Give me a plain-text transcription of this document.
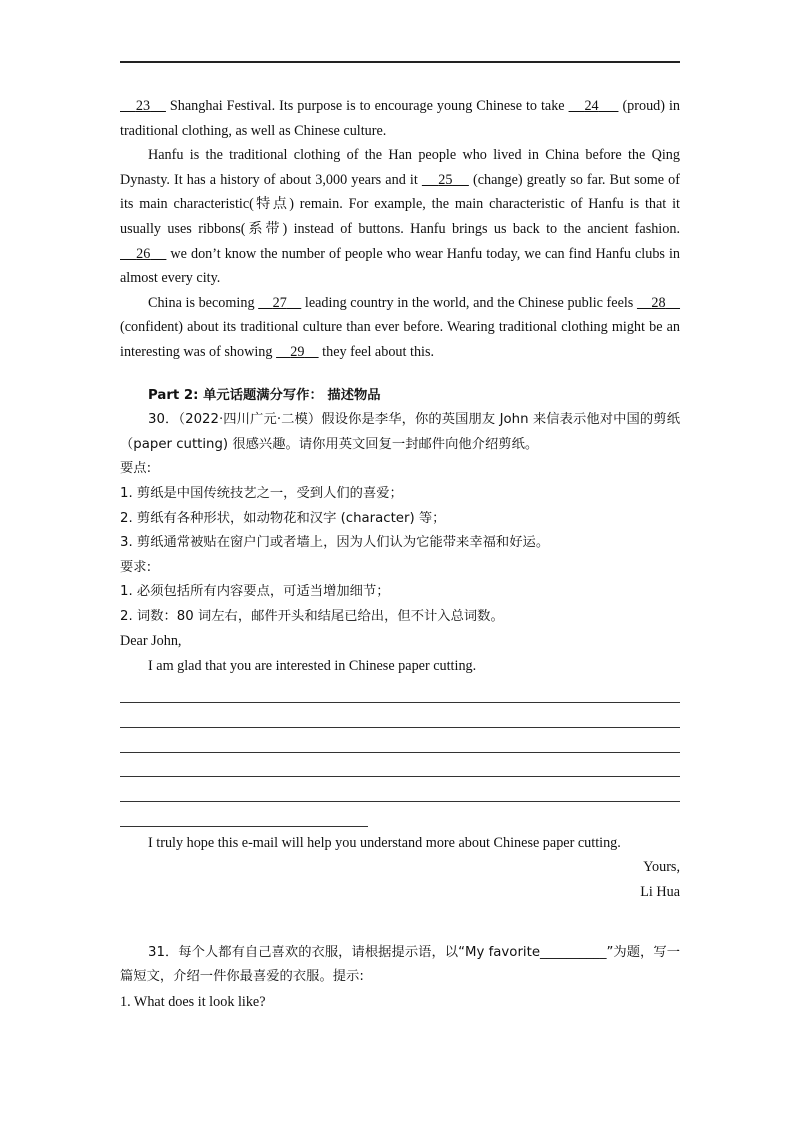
23     Shanghai Festival. Its purpose is to encourage young Chinese to take     24 (proud) in traditional clothing, as well as Chinese culture.

Hanfu is the traditional clothing of the Han people who lived in China before the Qing Dynasty. It has a history of about 3,000 years and it     25     (change) greatly so far. But some of its main characteristic(特点) remain. For example, the main characteristic of Hanfu is that it usually uses ribbons(系带) instead of buttons. Hanfu brings us back to the ancient fashion.     26     we don’t know the number of people who wear Hanfu today, we can find Hanfu clubs in almost every city.

China is becoming     27     leading country in the world, and the Chinese public feels     28     (confident) about its traditional culture than ever before. Wearing traditional clothing might be an interesting was of showing     29     they feel about this.

Part 2: 单元话题满分写作： 描述物品

30．（2022·四川广元·二模）假设你是李华，你的英国朋友 John 来信表示他对中国的剪纸（paper cutting) 很感兴趣。请你用英文回复一封邮件向他介绍剪纸。

要点:

1. 剪纸是中国传统技艺之一，受到人们的喜爱；

2. 剪纸有各种形状，如动物花和汉字 (character) 等；

3. 剪纸通常被贴在窗户门或者墙上，因为人们认为它能带来幸福和好运。

要求:

1. 必须包括所有内容要点，可适当增加细节；

2. 词数：80 词左右，邮件开头和结尾已给出，但不计入总词数。

Dear John,

I am glad that you are interested in Chinese paper cutting.

I truly hope this e-mail will help you understand more about Chinese paper cutting.

Yours,

Li Hua

31．每个人都有自己喜欢的衣服，请根据提示语，以“My favorite__________”为题，写一篇短文，介绍一件你最喜爱的衣服。提示:

1. What does it look like?
